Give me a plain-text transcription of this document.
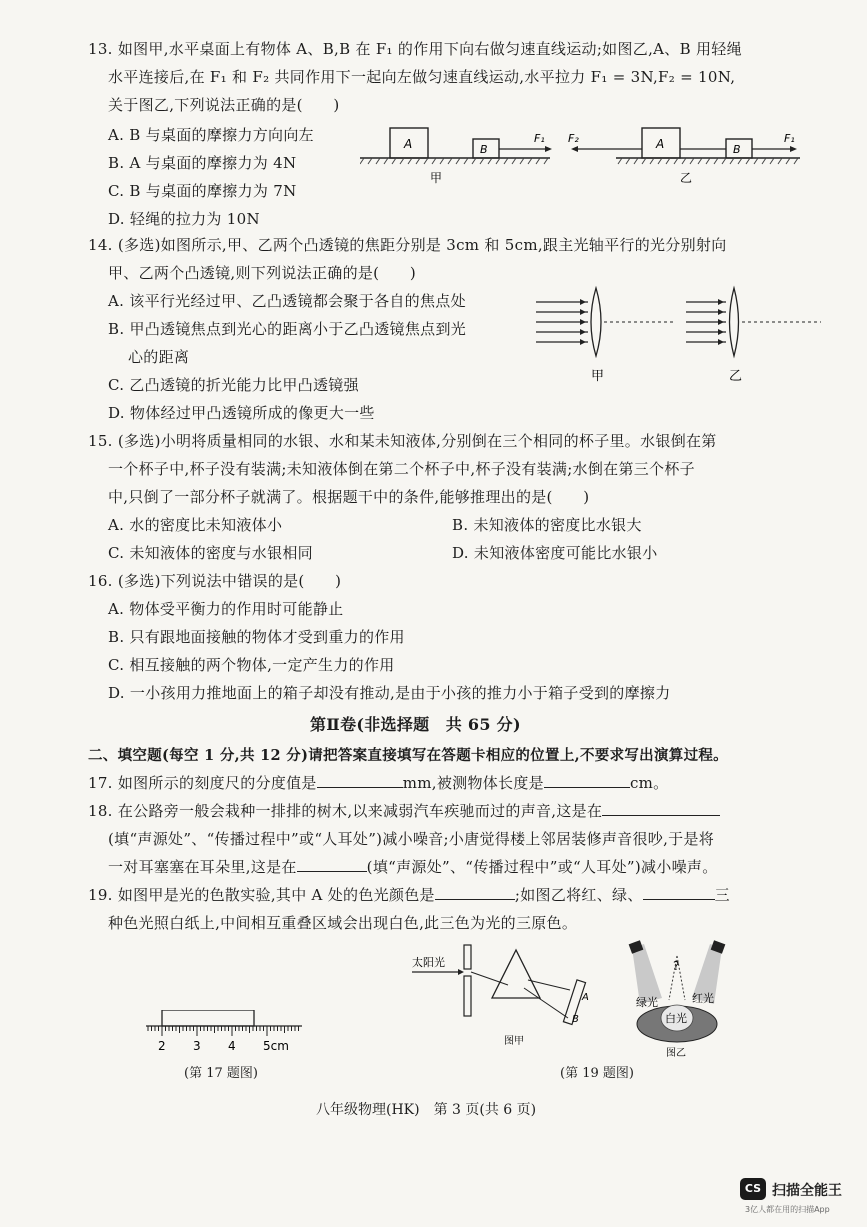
13. 如图甲,水平桌面上有物体 A、B,B 在 F₁ 的作用下向右做匀速直线运动;如图乙,A、B 用轻绳
水平连接后,在 F₁ 和 F₂ 共同作用下一起向左做匀速直线运动,水平拉力 F₁ = 3N,F₂ = 10N,
关于图乙,下列说法正确的是(　　)
A. B 与桌面的摩擦力方向向左
B. A 与桌面的摩擦力为 4N
C. B 与桌面的摩擦力为 7N
D. 轻绳的拉力为 10N
A	B
F₁
甲
F₂	A	B
F₁
乙
14. (多选)如图所示,甲、乙两个凸透镜的焦距分别是 3cm 和 5cm,跟主光轴平行的光分别射向
甲、乙两个凸透镜,则下列说法正确的是(　　)
A. 该平行光经过甲、乙凸透镜都会聚于各自的焦点处
B. 甲凸透镜焦点到光心的距离小于乙凸透镜焦点到光
心的距离
C. 乙凸透镜的折光能力比甲凸透镜强
D. 物体经过甲凸透镜所成的像更大一些
甲	乙
15. (多选)小明将质量相同的水银、水和某未知液体,分别倒在三个相同的杯子里。水银倒在第
一个杯子中,杯子没有装满;未知液体倒在第二个杯子中,杯子没有装满;水倒在第三个杯子
中,只倒了一部分杯子就满了。根据题干中的条件,能够推理出的是(　　)
A. 水的密度比未知液体小	B. 未知液体的密度比水银大
C. 未知液体的密度与水银相同	D. 未知液体密度可能比水银小
16. (多选)下列说法中错误的是(　　)
A. 物体受平衡力的作用时可能静止
B. 只有跟地面接触的物体才受到重力的作用
C. 相互接触的两个物体,一定产生力的作用
D. 一小孩用力推地面上的箱子却没有推动,是由于小孩的推力小于箱子受到的摩擦力
第Ⅱ卷(非选择题　共 65 分)
二、填空题(每空 1 分,共 12 分)请把答案直接填写在答题卡相应的位置上,不要求写出演算过程。
17. 如图所示的刻度尺的分度值是	mm,被测物体长度是	cm。
18. 在公路旁一般会栽种一排排的树木,以来减弱汽车疾驰而过的声音,这是在
(填“声源处”、“传播过程中”或“人耳处”)减小噪音;小唐觉得楼上邻居装修声音很吵,于是将
一对耳塞塞在耳朵里,这是在	(填“声源处”、“传播过程中”或“人耳处”)减小噪声。
19. 如图甲是光的色散实验,其中 A 处的色光颜色是	;如图乙将红、绿、	三
种色光照白纸上,中间相互重叠区域会出现白色,此三色为光的三原色。
2 3 4 5cm
(第 17 题图)
太阳光
A
B
图甲
?
绿光	红光
白光
图乙
(第 19 题图)
八年级物理(HK)　第 3 页(共 6 页)
CS 扫描全能王
3亿人都在用的扫描App
